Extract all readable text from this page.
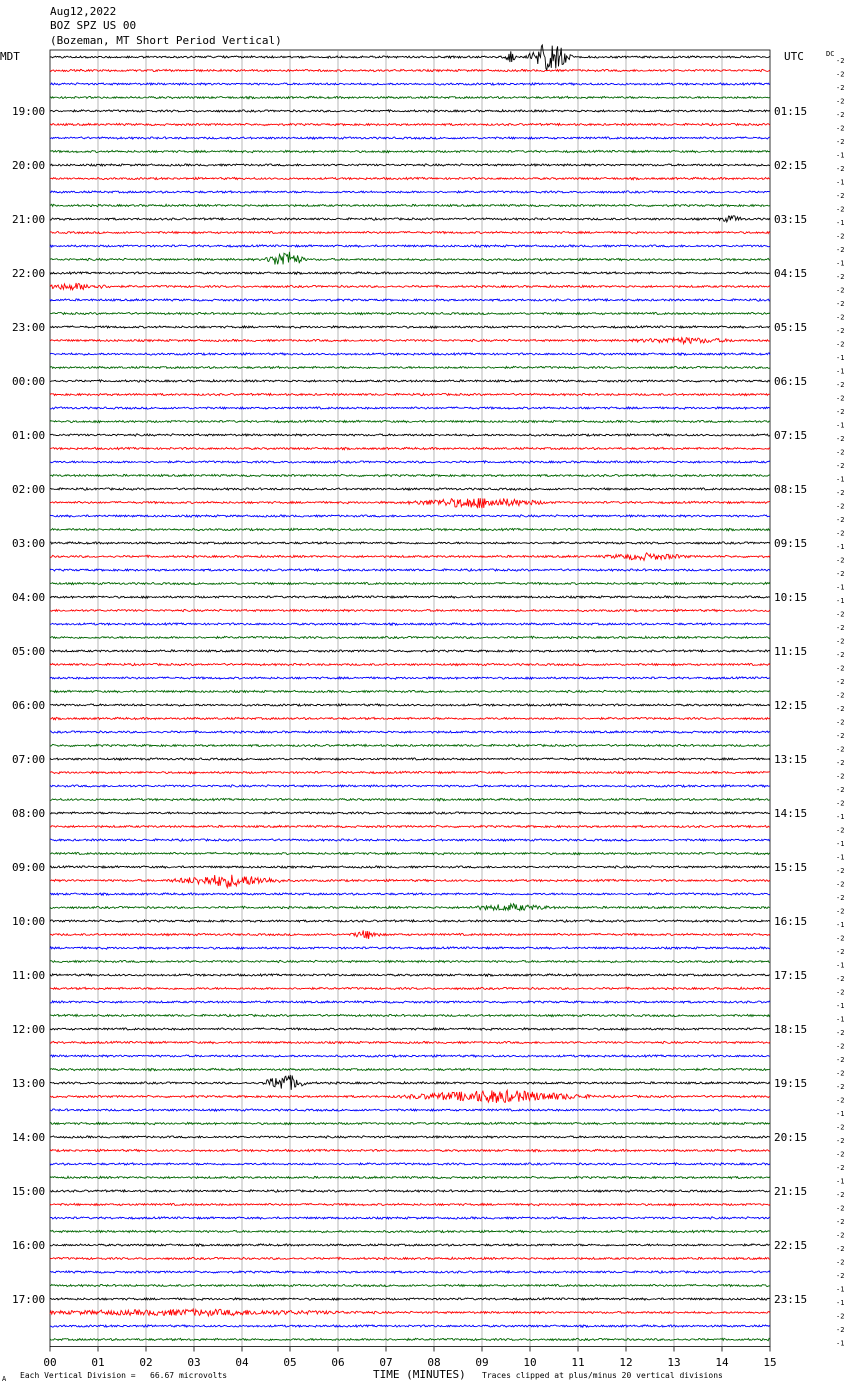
Aug12,2022
BOZ SPZ US 00
(Bozeman, MT Short Period Vertical)
MDT	UTC	DC
19:00
20:00
21:00
22:00
23:00
00:00
01:00
02:00
03:00
04:00
05:00
06:00
07:00
08:00
09:00
10:00
11:00
12:00
13:00
14:00
15:00
16:00
17:00
01:15
02:15
03:15
04:15
05:15
06:15
07:15
08:15
09:15
10:15
11:15
12:15
13:15
14:15
15:15
16:15
17:15
18:15
19:15
20:15
21:15
22:15
23:15
-2
-2
-2
-2
-2
-2
-2
-1
-2
-1
-2
-2
-1
-2
-2
-1
-2
-2
-2
-2
-2
-2
-1
-1
-2
-2
-2
-1
-2
-2
-2
-1
-2
-2
-2
-2
-1
-2
-2
-1
-1
-2
-2
-2
-2
-2
-2
-2
-2
-2
-2
-2
-2
-2
-2
-2
-1
-2
-1
-1
-2
-2
-2
-2
-1
-2
-2
-1
-2
-2
-1
-1
-2
-2
-2
-2
-2
-2
-1
-2
-2
-2
-2
-1
-2
-2
-2
-2
-2
-2
-2
-1
-1
-2
-2
-1
00	01	02	03	04	05	06	07	08	09	10	11	12	13	14	15
A Each Vertical Division =   66.67 microvolts	TIME (MINUTES) Traces clipped at plus/minus 20 vertical divisions
